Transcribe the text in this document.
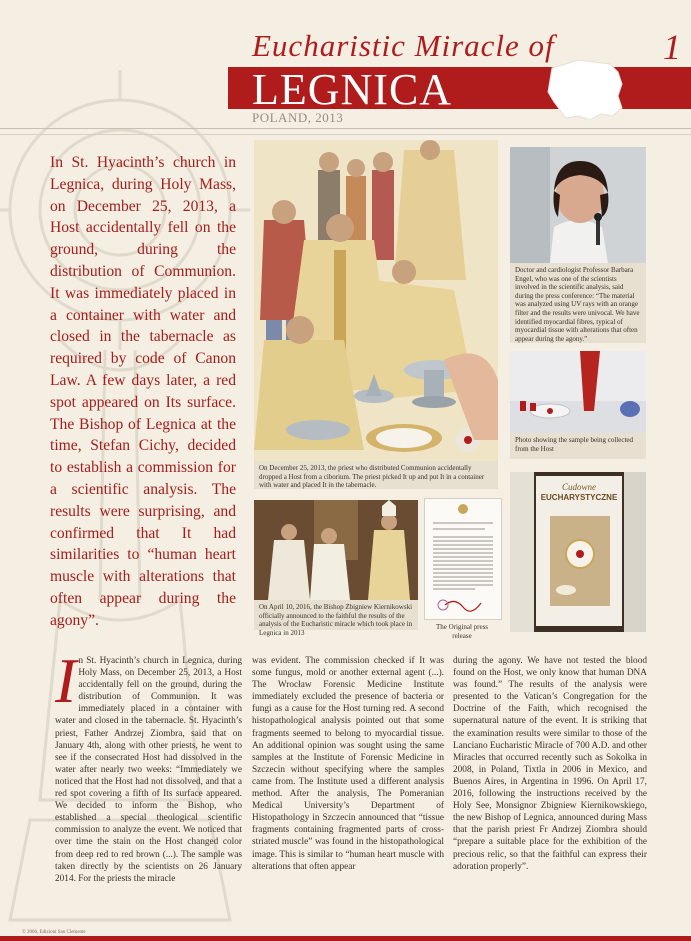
Eucharistic Miracle of	1
LEGNICA
POLAND, 2013
In St. Hyacinth’s church in Legnica, during Holy Mass, on December 25, 2013, a Host accidentally fell on the ground, during the distribution of Communion. It was immediately placed in a container with water and closed in the tabernacle as required by code of Canon Law. A few days later, a red spot appeared on Its surface. The Bishop of Legnica at the time, Stefan Cichy, decided to establish a commission for a scientific analysis. The results were surprising, and confirmed that It had similarities to “human heart muscle with alterations that often appear during the agony”.
On December 25, 2013, the priest who distributed Communion accidentally dropped a Host from a ciborium. The priest picked It up and put It in a container with water and placed It in the tabernacle.
Doctor and cardiologist Professor Barbara Engel, who was one of the scientists involved in the scientific analysis, said during the press conference: “The material was analyzed using UV rays with an orange filter and the results were univocal. We have identified myocardial fibres, typical of myocardial tissue with alterations that often appear during the agony.”
Photo showing the sample being collected from the Host
On April 10, 2016, the Bishop Zbigniew Kiernikowski officially announced to the faithful the results of the analysis of the Eucharistic miracle which took place in Legnica in 2013
The Original press release
Cudowne
EUCHARYSTYCZNE
I n St. Hyacinth’s church in Legnica, during Holy Mass, on December 25, 2013, a Host accidentally fell on the ground, during the distribution of Communion. It was immediately placed in a container with water and closed in the tabernacle. St. Hyacinth’s priest, Father Andrzej Ziombra, said that on January 4th, along with other priests, he went to see if the consecrated Host had dissolved in the water after nearly two weeks: “Immediately we noticed that the Host had not dissolved, and that a red spot covering a fifth of Its surface appeared. We decided to inform the Bishop, who established a special theological scientific commission to analyze the event. We noticed that over time the stain on the Host changed color from deep red to red brown (...). The sample was taken directly by the scientists on 26 January 2014. For the priests the miracle
was evident. The commission checked if It was some fungus, mold or another external agent (...). The Wrocław Forensic Medicine Institute immediately excluded the presence of bacteria or fungi as a cause for the Host turning red. A second histopathological analysis pointed out that some fragments seemed to belong to myocardial tissue. An additional opinion was sought using the same samples at the Institute of Forensic Medicine in Szczecin without specifying where the samples came from. The Institute used a different analysis method. After the analysis, The Pomeranian Medical University’s Department of Histopathology in Szczecin announced that “tissue fragments containing fragmented parts of cross-striated muscle” was found in the histopathological image. This is similar to “human heart muscle with alterations that often appear
during the agony. We have not tested the blood found on the Host, we only know that human DNA was found.” The results of the analysis were presented to the Vatican’s Congregation for the Doctrine of the Faith, which recognised the supernatural nature of the event. It is striking that the examination results were similar to those of the Lanciano Eucharistic Miracle of 700 A.D. and other Miracles that occurred recently such as Sokolka in 2008, in Poland, Tixtla in 2006 in Mexico, and Buenos Aires, in Argentina in 1996. On April 17, 2016, following the instructions received by the Holy See, Monsignor Zbigniew Kiernikowskiego, the new Bishop of Legnica, announced during Mass that the parish priest Fr Andrzej Ziombra should “prepare a suitable place for the exhibition of the precious relic, so that the faithful can express their adoration properly”.
© 2006, Edizioni San Clemente
